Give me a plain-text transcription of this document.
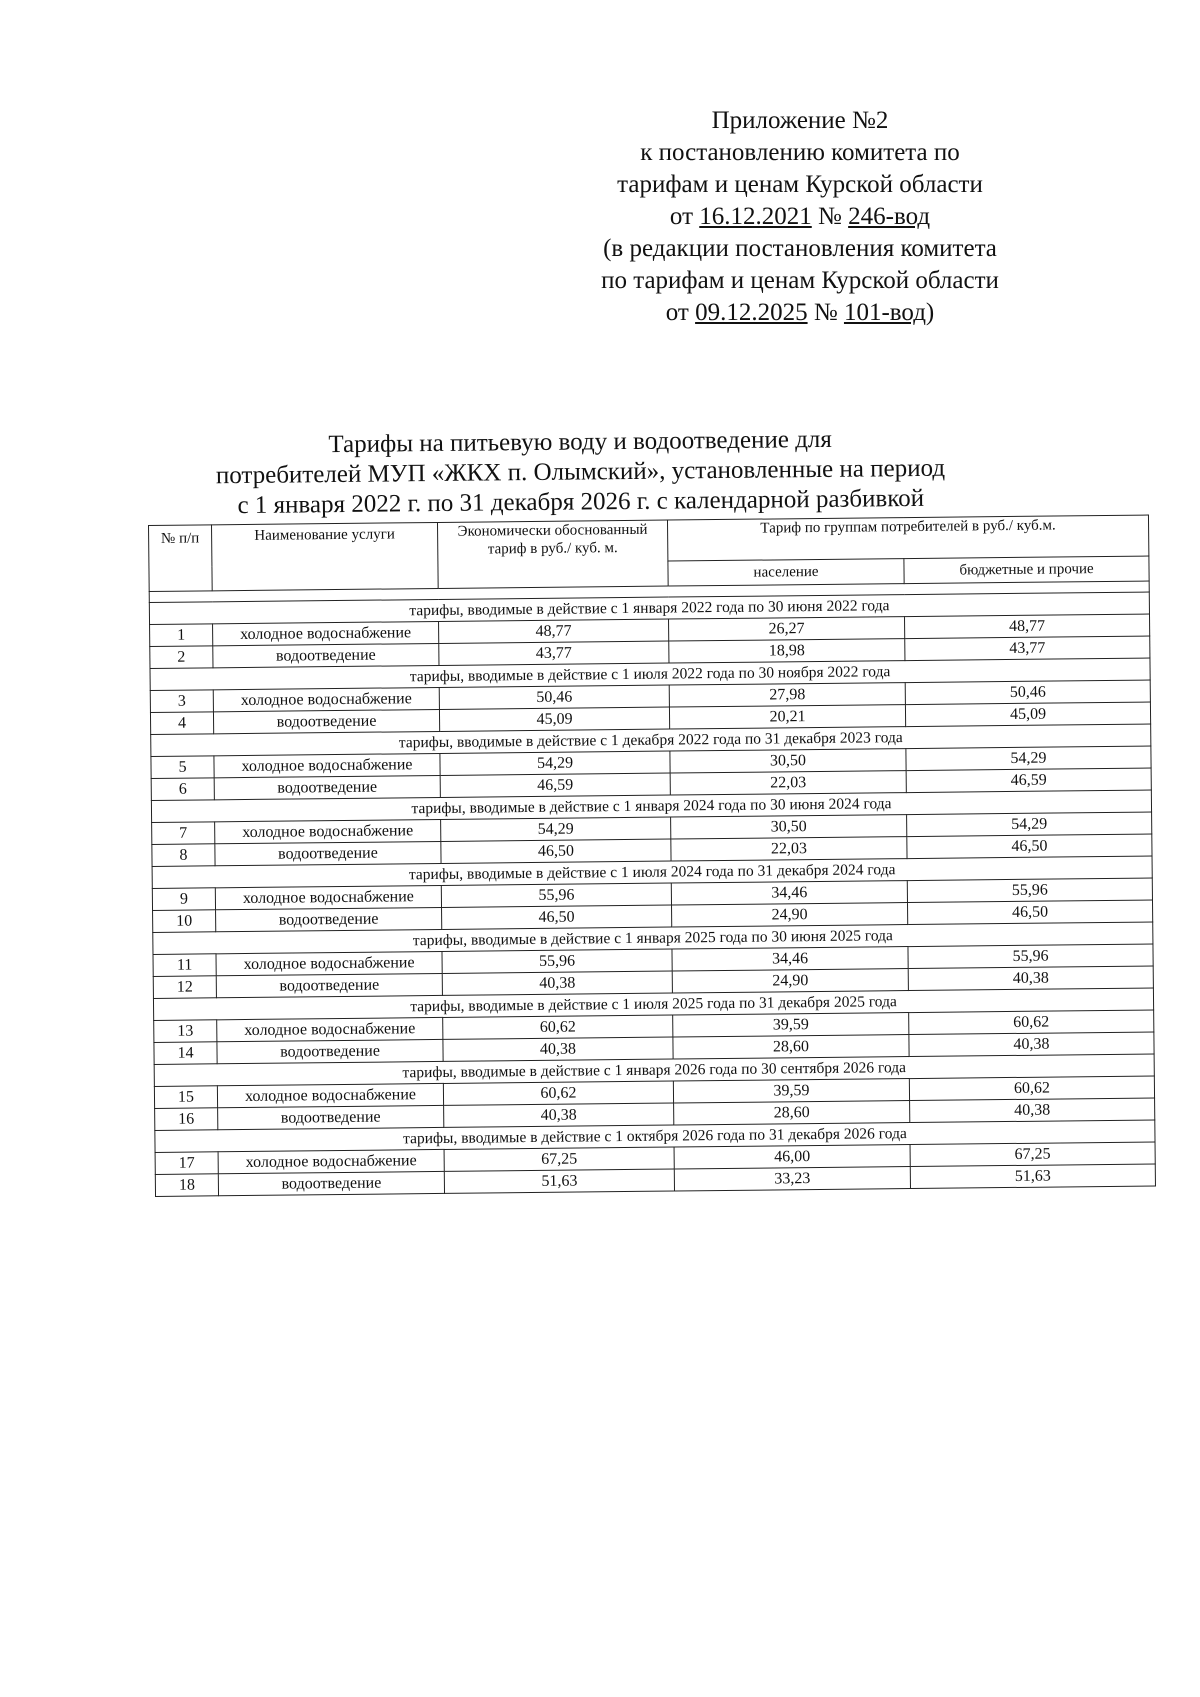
Приложение №2
к постановлению комитета по
тарифам и ценам Курской области
от 16.12.2021 № 246-вод
(в редакции постановления комитета
по тарифам и ценам Курской области
от 09.12.2025 № 101-вод)
Тарифы на питьевую воду и водоотведение для
потребителей МУП «ЖКХ п. Олымский», установленные на период
с 1 января 2022 г. по 31 декабря 2026 г. с календарной разбивкой
№ п/п	Наименование услуги	Экономически обоснованный тариф в руб./ куб. м.	Тариф по группам потребителей в руб./ куб.м.	
			население	бюджетные и прочие

тарифы, вводимые в действие с 1 января 2022 года по 30 июня 2022 года				
1	холодное водоснабжение	48,77	26,27	48,77
2	водоотведение	43,77	18,98	43,77
тарифы, вводимые в действие с 1 июля 2022 года по 30 ноября 2022 года				
3	холодное водоснабжение	50,46	27,98	50,46
4	водоотведение	45,09	20,21	45,09
тарифы, вводимые в действие с 1 декабря 2022 года по 31 декабря 2023 года				
5	холодное водоснабжение	54,29	30,50	54,29
6	водоотведение	46,59	22,03	46,59
тарифы, вводимые в действие с 1 января 2024 года по 30 июня 2024 года				
7	холодное водоснабжение	54,29	30,50	54,29
8	водоотведение	46,50	22,03	46,50
тарифы, вводимые в действие с 1 июля 2024 года по 31 декабря 2024 года				
9	холодное водоснабжение	55,96	34,46	55,96
10	водоотведение	46,50	24,90	46,50
тарифы, вводимые в действие с 1 января 2025 года по 30 июня 2025 года				
11	холодное водоснабжение	55,96	34,46	55,96
12	водоотведение	40,38	24,90	40,38
тарифы, вводимые в действие с 1 июля 2025 года по 31 декабря 2025 года				
13	холодное водоснабжение	60,62	39,59	60,62
14	водоотведение	40,38	28,60	40,38
тарифы, вводимые в действие с 1 января 2026 года по 30 сентября 2026 года				
15	холодное водоснабжение	60,62	39,59	60,62
16	водоотведение	40,38	28,60	40,38
тарифы, вводимые в действие с 1 октября 2026 года по 31 декабря 2026 года				
17	холодное водоснабжение	67,25	46,00	67,25
18	водоотведение	51,63	33,23	51,63
